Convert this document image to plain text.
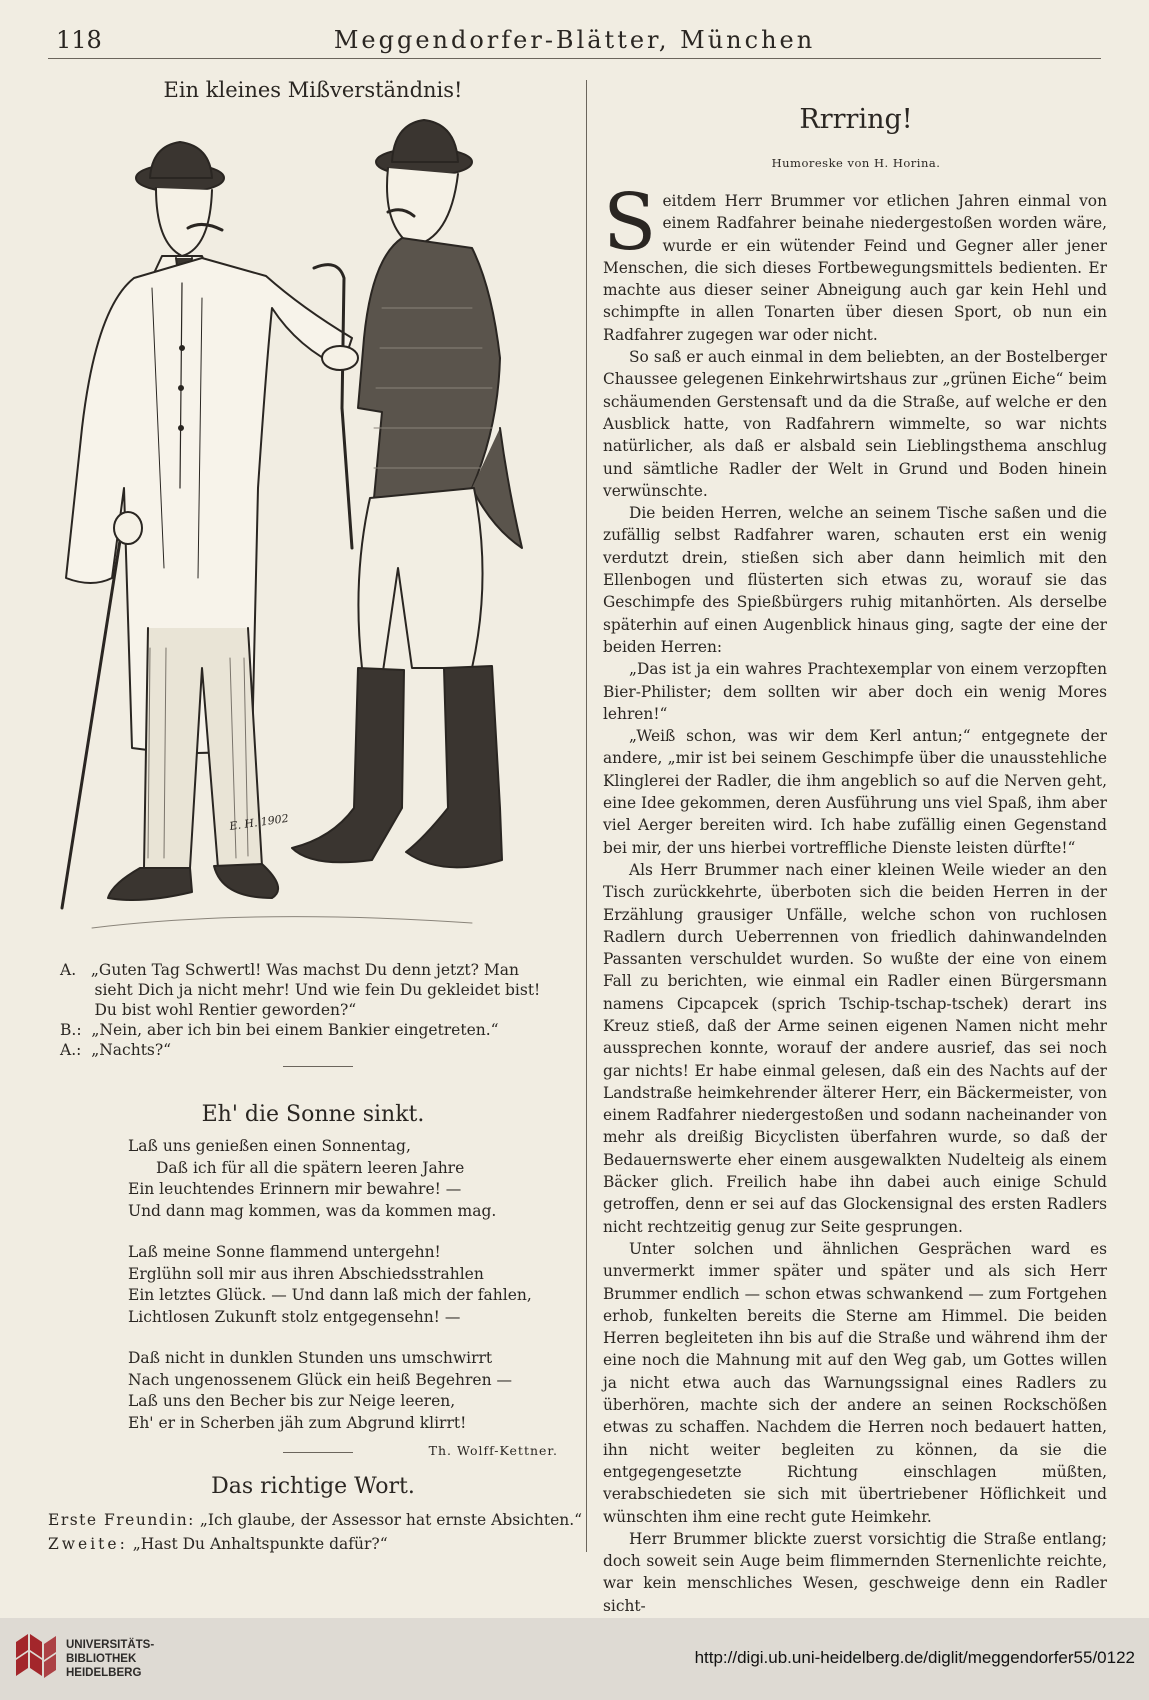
118	Meggendorfer-Blätter, München
Ein kleines Mißverständnis!
E. H. 1902
A.   „Guten Tag Schwertl! Was machst Du denn jetzt? Man
sieht Dich ja nicht mehr! Und wie fein Du gekleidet bist!
Du bist wohl Rentier geworden?“
B.:  „Nein, aber ich bin bei einem Bankier eingetreten.“
A.:  „Nachts?“
Eh' die Sonne sinkt.
Laß uns genießen einen Sonnentag,
Daß ich für all die spätern leeren Jahre
Ein leuchtendes Erinnern mir bewahre! —
Und dann mag kommen, was da kommen mag.
Laß meine Sonne flammend untergehn!
Erglühn soll mir aus ihren Abschiedsstrahlen
Ein letztes Glück. — Und dann laß mich der fahlen,
Lichtlosen Zukunft stolz entgegensehn! —
Daß nicht in dunklen Stunden uns umschwirrt
Nach ungenossenem Glück ein heiß Begehren —
Laß uns den Becher bis zur Neige leeren,
Eh' er in Scherben jäh zum Abgrund klirrt!
Th. Wolff-Kettner.
Das richtige Wort.
Erste Freundin: „Ich glaube, der Assessor hat ernste Absichten.“
Zweite: „Hast Du Anhaltspunkte dafür?“
Rrrring!
Humoreske von H. Horina.

Seitdem Herr Brummer vor etlichen Jahren einmal von einem Radfahrer beinahe niedergestoßen worden wäre, wurde er ein wütender Feind und Gegner aller jener Menschen, die sich dieses Fortbewegungsmittels bedienten. Er machte aus dieser seiner Abneigung auch gar kein Hehl und schimpfte in allen Tonarten über diesen Sport, ob nun ein Radfahrer zugegen war oder nicht.

So saß er auch einmal in dem beliebten, an der Bostelberger Chaussee gelegenen Einkehrwirtshaus zur „grünen Eiche“ beim schäumenden Gerstensaft und da die Straße, auf welche er den Ausblick hatte, von Radfahrern wimmelte, so war nichts natürlicher, als daß er alsbald sein Lieblingsthema anschlug und sämtliche Radler der Welt in Grund und Boden hinein verwünschte.

Die beiden Herren, welche an seinem Tische saßen und die zufällig selbst Radfahrer waren, schauten erst ein wenig verdutzt drein, stießen sich aber dann heimlich mit den Ellenbogen und flüsterten sich etwas zu, worauf sie das Geschimpfe des Spießbürgers ruhig mitanhörten. Als derselbe späterhin auf einen Augenblick hinaus ging, sagte der eine der beiden Herren:

„Das ist ja ein wahres Prachtexemplar von einem verzopften Bier-Philister; dem sollten wir aber doch ein wenig Mores lehren!“

„Weiß schon, was wir dem Kerl antun;“ entgegnete der andere, „mir ist bei seinem Geschimpfe über die unausstehliche Klinglerei der Radler, die ihm angeblich so auf die Nerven geht, eine Idee gekommen, deren Ausführung uns viel Spaß, ihm aber viel Aerger bereiten wird. Ich habe zufällig einen Gegenstand bei mir, der uns hierbei vortreffliche Dienste leisten dürfte!“

Als Herr Brummer nach einer kleinen Weile wieder an den Tisch zurückkehrte, überboten sich die beiden Herren in der Erzählung grausiger Unfälle, welche schon von ruchlosen Radlern durch Ueberrennen von friedlich dahinwandelnden Passanten verschuldet wurden. So wußte der eine von einem Fall zu berichten, wie einmal ein Radler einen Bürgersmann namens Cipcapcek (sprich Tschip-tschap-tschek) derart ins Kreuz stieß, daß der Arme seinen eigenen Namen nicht mehr aussprechen konnte, worauf der andere ausrief, das sei noch gar nichts! Er habe einmal gelesen, daß ein des Nachts auf der Landstraße heimkehrender älterer Herr, ein Bäckermeister, von einem Radfahrer niedergestoßen und sodann nacheinander von mehr als dreißig Bicyclisten überfahren wurde, so daß der Bedauernswerte eher einem ausgewalkten Nudelteig als einem Bäcker glich. Freilich habe ihn dabei auch einige Schuld getroffen, denn er sei auf das Glockensignal des ersten Radlers nicht rechtzeitig genug zur Seite gesprungen.

Unter solchen und ähnlichen Gesprächen ward es unvermerkt immer später und später und als sich Herr Brummer endlich — schon etwas schwankend — zum Fortgehen erhob, funkelten bereits die Sterne am Himmel. Die beiden Herren begleiteten ihn bis auf die Straße und während ihm der eine noch die Mahnung mit auf den Weg gab, um Gottes willen ja nicht etwa auch das Warnungssignal eines Radlers zu überhören, machte sich der andere an seinen Rockschößen etwas zu schaffen. Nachdem die Herren noch bedauert hatten, ihn nicht weiter begleiten zu können, da sie die entgegengesetzte Richtung einschlagen müßten, verabschiedeten sie sich mit übertriebener Höflichkeit und wünschten ihm eine recht gute Heimkehr.

Herr Brummer blickte zuerst vorsichtig die Straße entlang; doch soweit sein Auge beim flimmernden Sternenlichte reichte, war kein menschliches Wesen, geschweige denn ein Radler sicht-

UNIVERSITÄTS-
BIBLIOTHEK
HEIDELBERG
http://digi.ub.uni-heidelberg.de/diglit/meggendorfer55/0122
